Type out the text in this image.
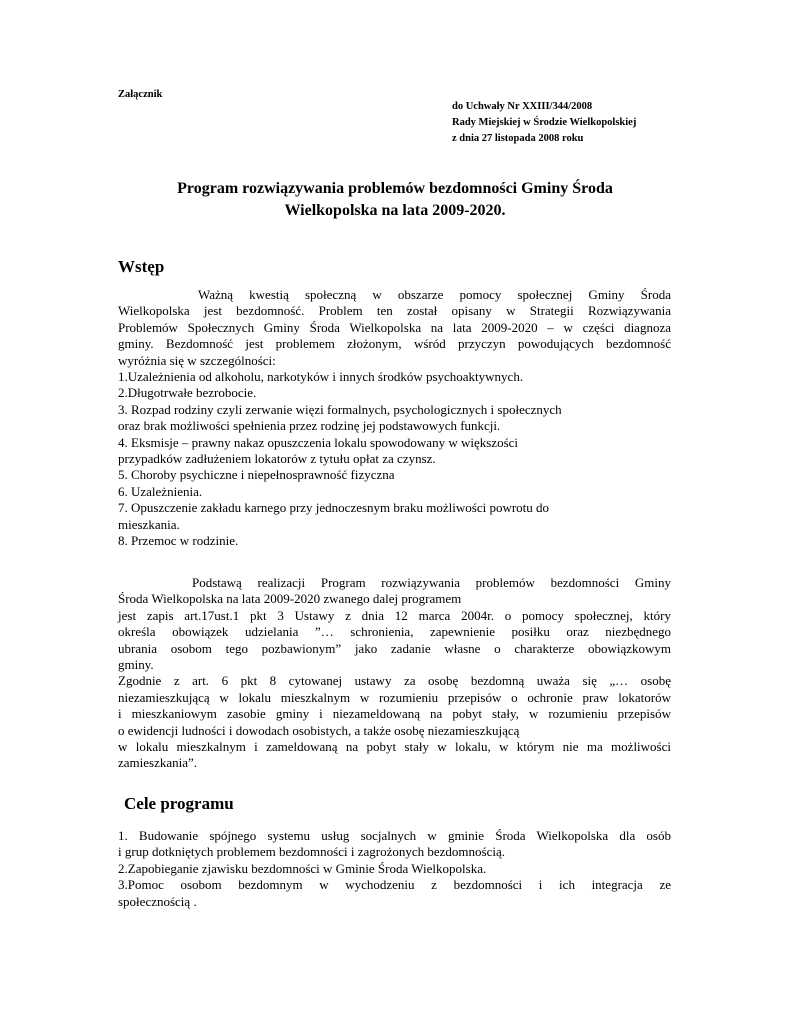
Załącznik
do Uchwały Nr XXIII/344/2008
Rady Miejskiej w Środzie Wielkopolskiej
z dnia 27 listopada 2008 roku
Program rozwiązywania problemów bezdomności Gminy Środa
Wielkopolska na lata 2009-2020.
Wstęp

Ważną kwestią społeczną w obszarze pomocy społecznej Gminy Środa

Wielkopolska jest bezdomność. Problem ten został opisany w Strategii Rozwiązywania

Problemów Społecznych Gminy Środa Wielkopolska na lata 2009-2020 – w części diagnoza

gminy. Bezdomność jest problemem złożonym, wśród przyczyn powodujących bezdomność

wyróżnia się w szczególności:

1.Uzależnienia od alkoholu, narkotyków i innych środków psychoaktywnych.

2.Długotrwałe bezrobocie.

3. Rozpad rodziny czyli zerwanie więzi formalnych, psychologicznych i społecznych

oraz brak możliwości spełnienia przez rodzinę jej podstawowych funkcji.

4. Eksmisje – prawny nakaz opuszczenia lokalu spowodowany w większości

przypadków zadłużeniem lokatorów z tytułu opłat za czynsz.

5. Choroby psychiczne i niepełnosprawność fizyczna

6. Uzależnienia.

7. Opuszczenie zakładu karnego przy jednoczesnym braku możliwości powrotu do

mieszkania.

8. Przemoc w rodzinie.

Podstawą realizacji Program rozwiązywania problemów bezdomności Gminy

Środa Wielkopolska na lata 2009-2020 zwanego dalej programem

jest zapis art.17ust.1 pkt 3 Ustawy z dnia 12 marca 2004r. o pomocy społecznej, który

określa obowiązek udzielania ”… schronienia, zapewnienie posiłku oraz niezbędnego

ubrania osobom tego pozbawionym” jako zadanie własne o charakterze obowiązkowym

gminy.

Zgodnie z art. 6 pkt 8 cytowanej ustawy za osobę bezdomną uważa się „… osobę

niezamieszkującą w lokalu mieszkalnym w rozumieniu przepisów o ochronie praw lokatorów

i mieszkaniowym zasobie gminy i niezameldowaną na pobyt stały, w rozumieniu przepisów

o ewidencji ludności i dowodach osobistych, a także osobę niezamieszkującą

w lokalu mieszkalnym i zameldowaną na pobyt stały w lokalu, w którym nie ma możliwości

zamieszkania”.

Cele programu

1. Budowanie spójnego systemu usług socjalnych w gminie Środa Wielkopolska dla osób

i grup dotkniętych problemem bezdomności i zagrożonych bezdomnością.

2.Zapobieganie zjawisku bezdomności w Gminie Środa Wielkopolska.

3.Pomoc osobom bezdomnym w wychodzeniu z bezdomności i ich integracja ze

społecznością .
